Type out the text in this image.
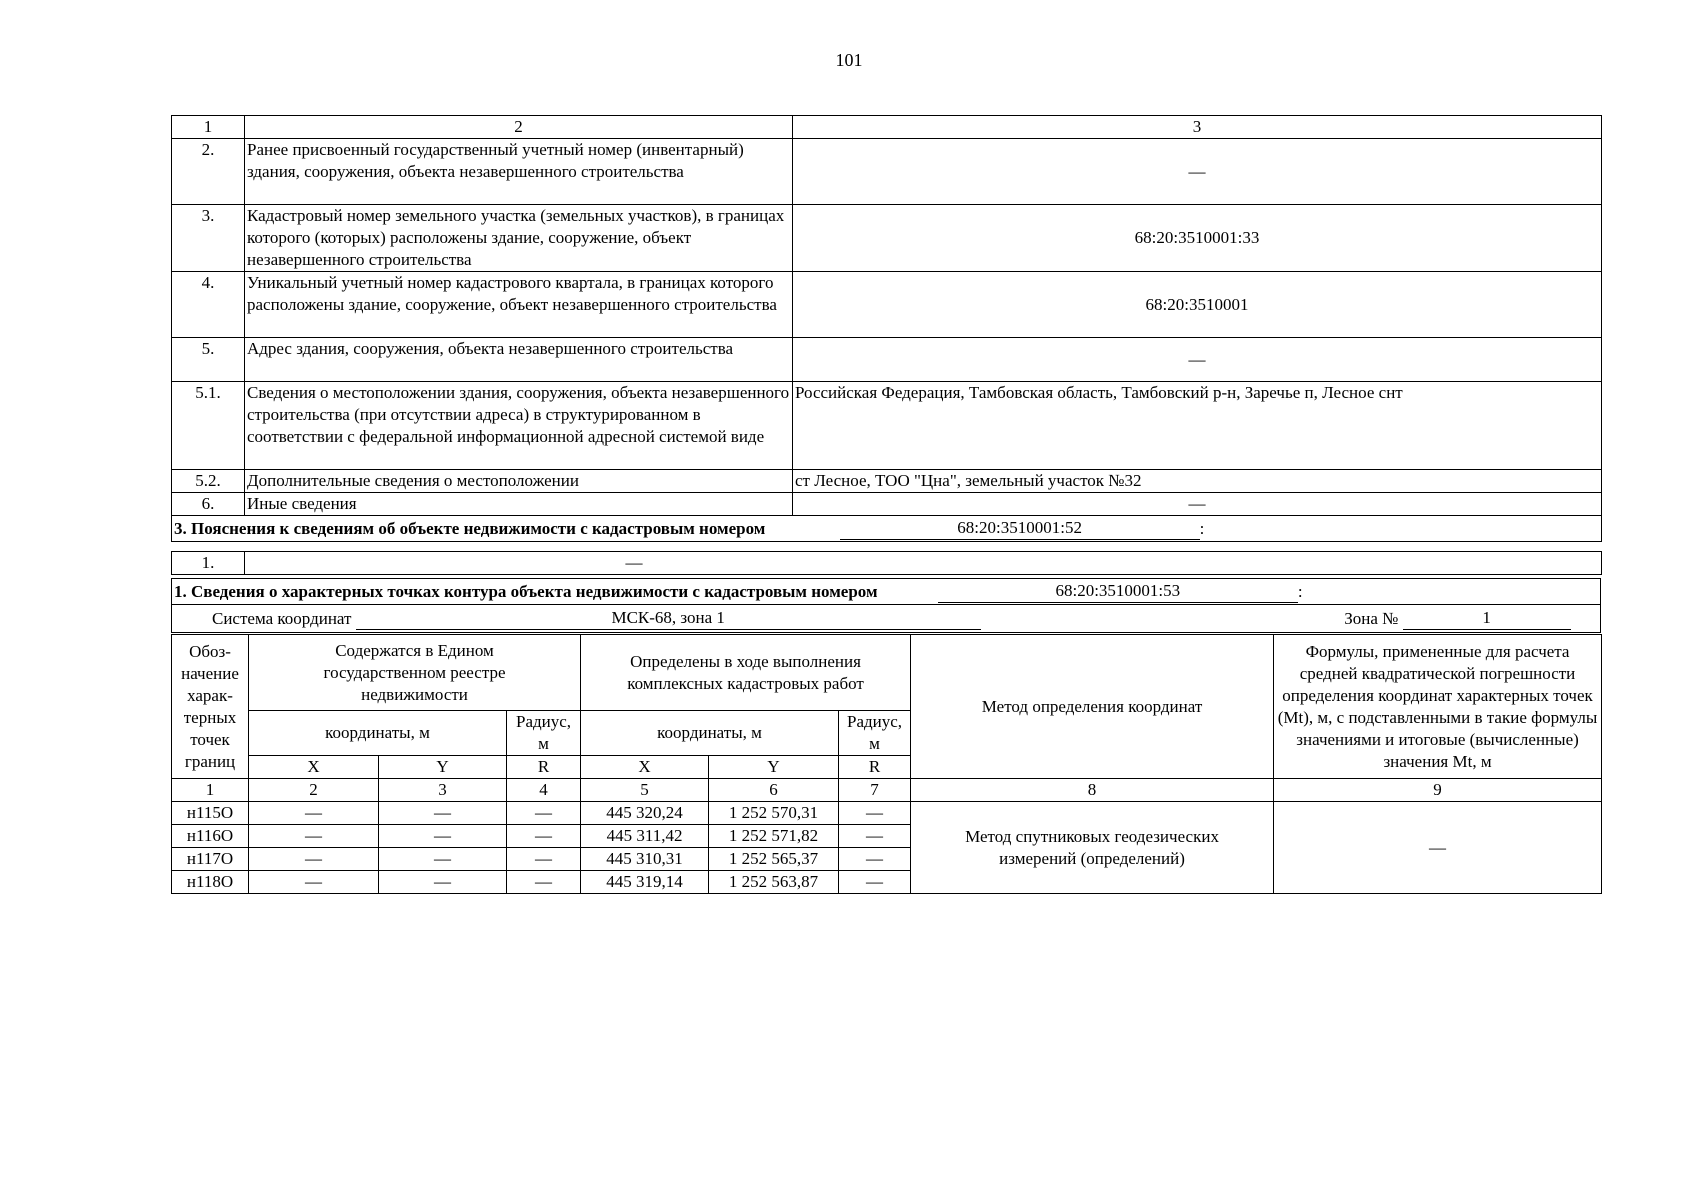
101
1	2	3
2.	Ранее присвоенный государственный учетный номер (инвентарный) здания, сооружения, объекта незавершенного строительства	—
3.	Кадастровый номер земельного участка (земельных участков), в границах которого (которых) расположены здание, сооружение, объект незавершенного строительства	68:20:3510001:33
4.	Уникальный учетный номер кадастрового квартала, в границах которого расположены здание, сооружение, объект незавершенного строительства	68:20:3510001
5.	Адрес здания, сооружения, объекта незавершенного строительства	—
5.1.	Сведения о местоположении здания, сооружения, объекта незавершенного строительства (при отсутствии адреса) в структурированном в соответствии с федеральной информационной адресной системой виде	Российская Федерация, Тамбовская область, Тамбовский р-н, Заречье п, Лесное снт
5.2.	Дополнительные сведения о местоположении	ст Лесное, ТОО "Цна", земельный участок №32
6.	Иные сведения	—
3. Пояснения к сведениям об объекте недвижимости с кадастровым номером 68:20:3510001:52 :		
1.	—
1. Сведения о характерных точках контура объекта недвижимости с кадастровым номером	68:20:3510001:53	:
Система координат	МСК-68, зона 1	Зона №	1
Обоз-начение харак-терных точек границ	Содержатся в Едином государственном реестре недвижимости			Определены в ходе выполнения комплексных кадастровых работ			Метод определения координат	Формулы, примененные для расчета средней квадратической погрешности определения координат характерных точек (Mt), м, с подставленными в такие формулы значениями и итоговые (вычисленные) значения Mt, м
	координаты, м		Радиус, м	координаты, м		Радиус, м		
	X	Y	R	X	Y	R		
1	2	3	4	5	6	7	8	9
н115О	—	—	—	445 320,24	1 252 570,31	—	Метод спутниковых геодезических измерений (определений)	—
н116О	—	—	—	445 311,42	1 252 571,82	—		
н117О	—	—	—	445 310,31	1 252 565,37	—		
н118О	—	—	—	445 319,14	1 252 563,87	—		
